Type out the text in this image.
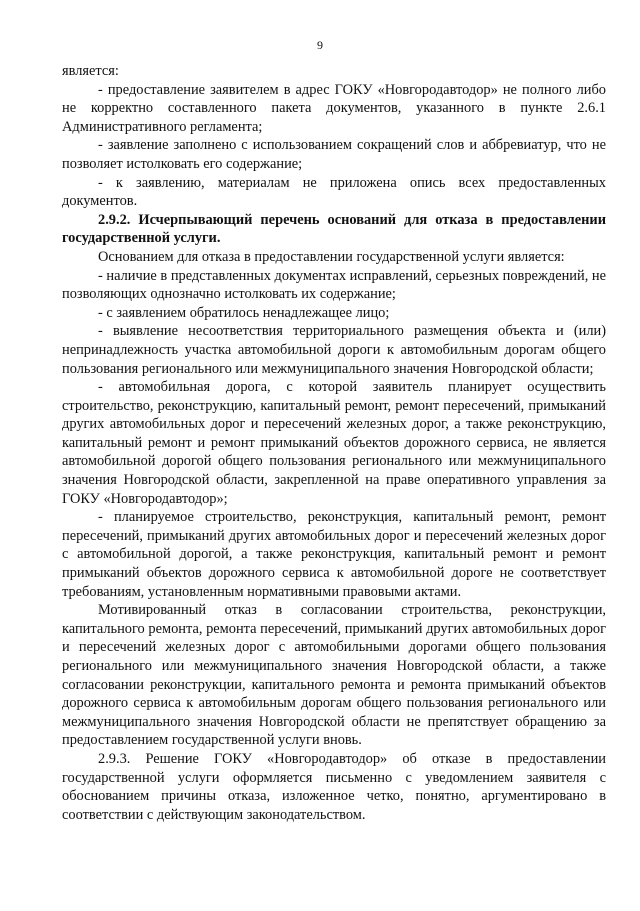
9

является:

- предоставление заявителем в адрес ГОКУ «Новгородавтодор» не полного либо не корректно составленного пакета документов, указанного в пункте 2.6.1 Административного регламента;

- заявление заполнено с использованием сокращений слов и аббревиатур, что не позволяет истолковать его содержание;

- к заявлению, материалам не приложена опись всех предоставленных документов.

2.9.2. Исчерпывающий перечень оснований для отказа в предоставлении государственной услуги.

Основанием для отказа в предоставлении государственной услуги является:

- наличие в представленных документах исправлений, серьезных повреждений, не позволяющих однозначно истолковать их содержание;

- с заявлением обратилось ненадлежащее лицо;

- выявление несоответствия территориального размещения объекта и (или) непринадлежность участка автомобильной дороги к автомобильным дорогам общего пользования регионального или межмуниципального значения Новгородской области;

- автомобильная дорога, с которой заявитель планирует осуществить строительство, реконструкцию, капитальный ремонт, ремонт пересечений, примыканий других автомобильных дорог и пересечений железных дорог, а также реконструкцию, капитальный ремонт и ремонт примыканий объектов дорожного сервиса, не является автомобильной дорогой общего пользования регионального или межмуниципального значения Новгородской области, закрепленной на праве оперативного управления за ГОКУ «Новгородавтодор»;

- планируемое строительство, реконструкция, капитальный ремонт, ремонт пересечений, примыканий других автомобильных дорог и пересечений железных дорог с автомобильной дорогой, а также реконструкция, капитальный ремонт и ремонт примыканий объектов дорожного сервиса к автомобильной дороге не соответствует требованиям, установленным нормативными правовыми актами.

Мотивированный отказ в согласовании строительства, реконструкции, капитального ремонта, ремонта пересечений, примыканий других автомобильных дорог и пересечений железных дорог с автомобильными дорогами общего пользования регионального или межмуниципального значения Новгородской области, а также согласовании реконструкции, капитального ремонта и ремонта примыканий объектов дорожного сервиса к автомобильным дорогам общего пользования регионального или межмуниципального значения Новгородской области не препятствует обращению за предоставлением государственной услуги вновь.

2.9.3. Решение ГОКУ «Новгородавтодор» об отказе в предоставлении государственной услуги оформляется письменно с уведомлением заявителя с обоснованием причины отказа, изложенное четко, понятно, аргументировано в соответствии с действующим законодательством.
